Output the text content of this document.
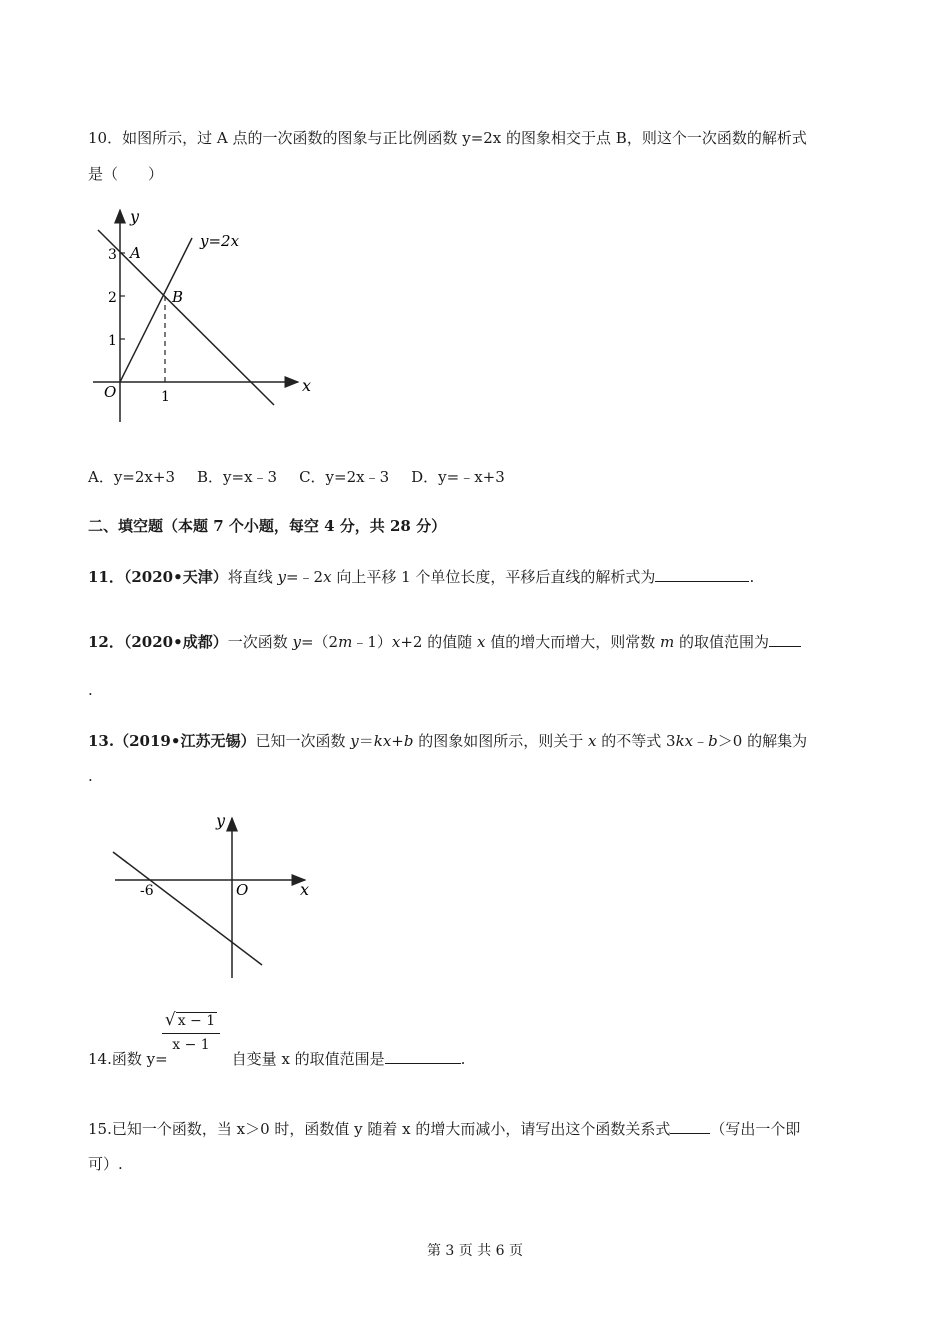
10．如图所示，过 A 点的一次函数的图象与正比例函数 y=2x 的图象相交于点 B，则这个一次函数的解析式
是（　　）
y
x
O
3
2
1
1
A
B
y=2x
A．y=2x+3 B．y=x﹣3 C．y=2x﹣3 D．y=﹣x+3
二、填空题（本题 7 个小题，每空 4 分，共 28 分）
11．（2020•天津）将直线 y=﹣2x 向上平移 1 个单位长度，平移后直线的解析式为	.
12．（2020•成都）一次函数 y=（2m﹣1）x+2 的值随 x 值的增大而增大，则常数 m 的取值范围为
.
13.（2019•江苏无锡）已知一次函数 y＝kx+b 的图象如图所示，则关于 x 的不等式 3kx﹣b＞0 的解集为
.
y
x
O
-6
14.函数 y=	自变量 x 的取值范围是	.
√ x − 1
x − 1
15.已知一个函数，当 x＞0 时，函数值 y 随着 x 的增大而减小，请写出这个函数关系式	（写出一个即
可）.
第 3 页 共 6 页
